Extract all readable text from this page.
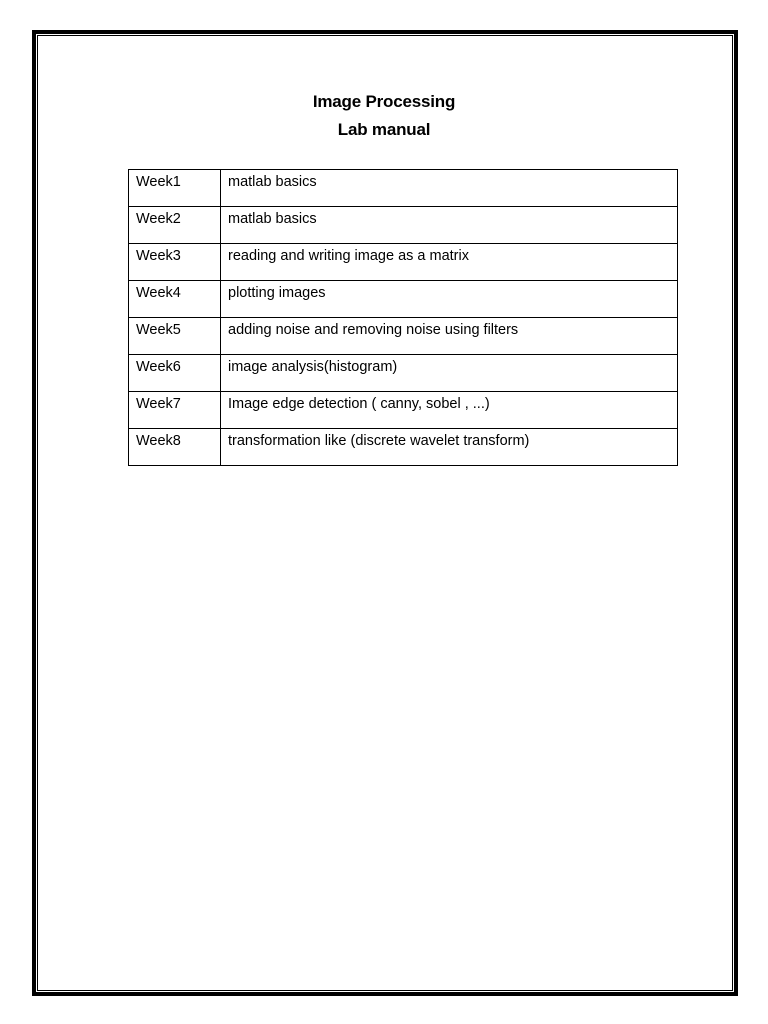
Image Processing
Lab manual
Week1	matlab basics
Week2	matlab basics
Week3	reading and writing image as a matrix
Week4	plotting images
Week5	adding noise and removing noise using filters
Week6	image analysis(histogram)
Week7	Image edge detection ( canny, sobel , ...)
Week8	transformation like (discrete wavelet transform)
